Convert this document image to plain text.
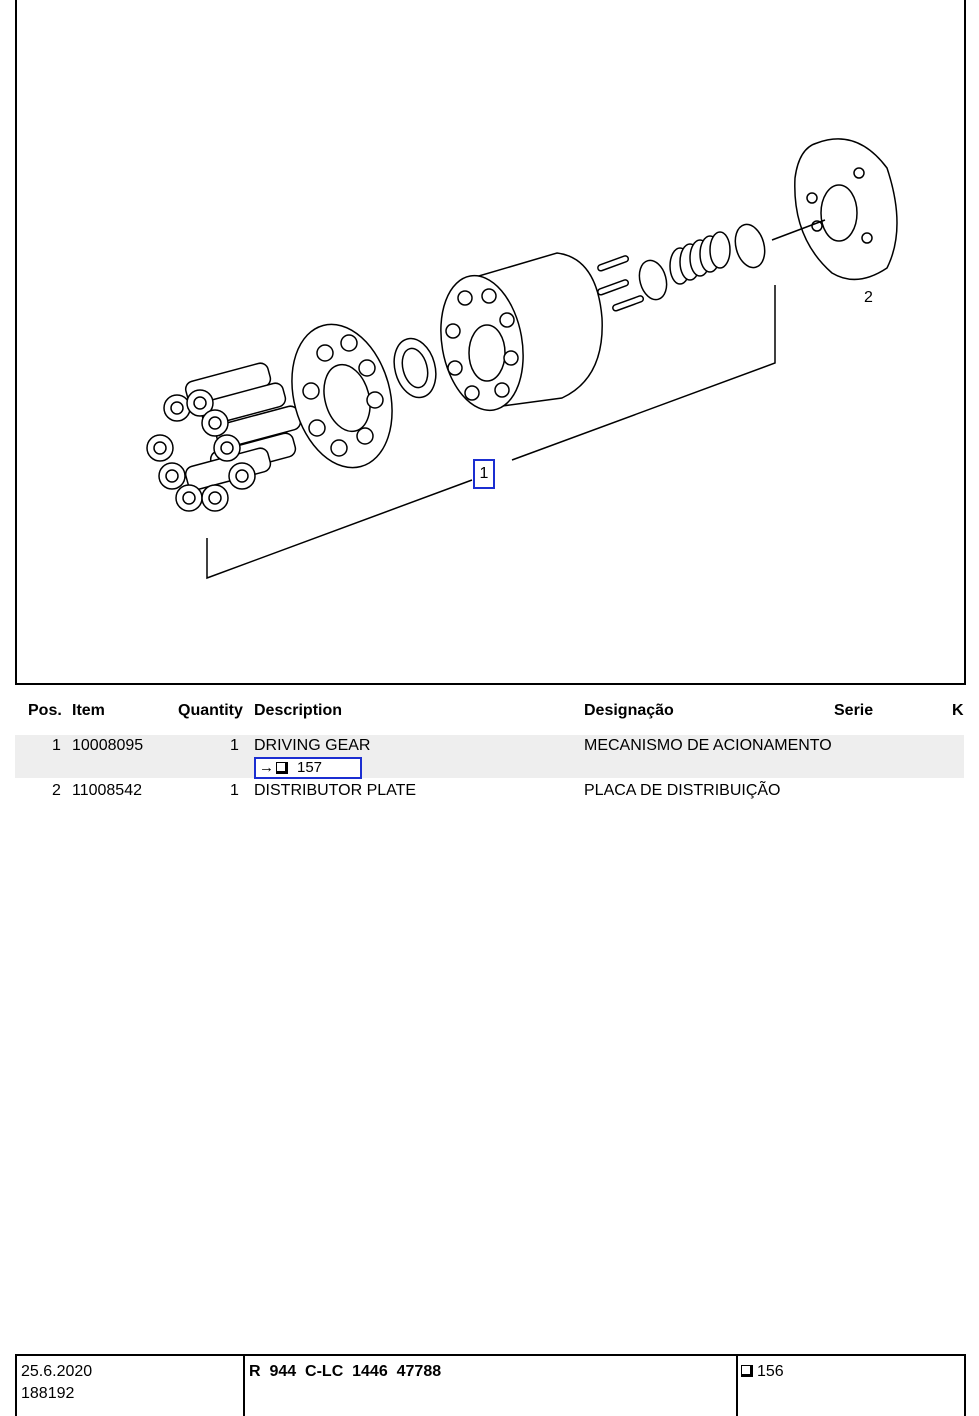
1
2
Pos. Item	Quantity Description	Designação	Serie	K
1 10008095	1 DRIVING GEAR	MECANISMO DE ACIONAMENTO
→ 157
2 11008542	1 DISTRIBUTOR PLATE	PLACA DE DISTRIBUIÇÃO
25.6.2020
188192
R  944  C-LC  1446  47788	156
